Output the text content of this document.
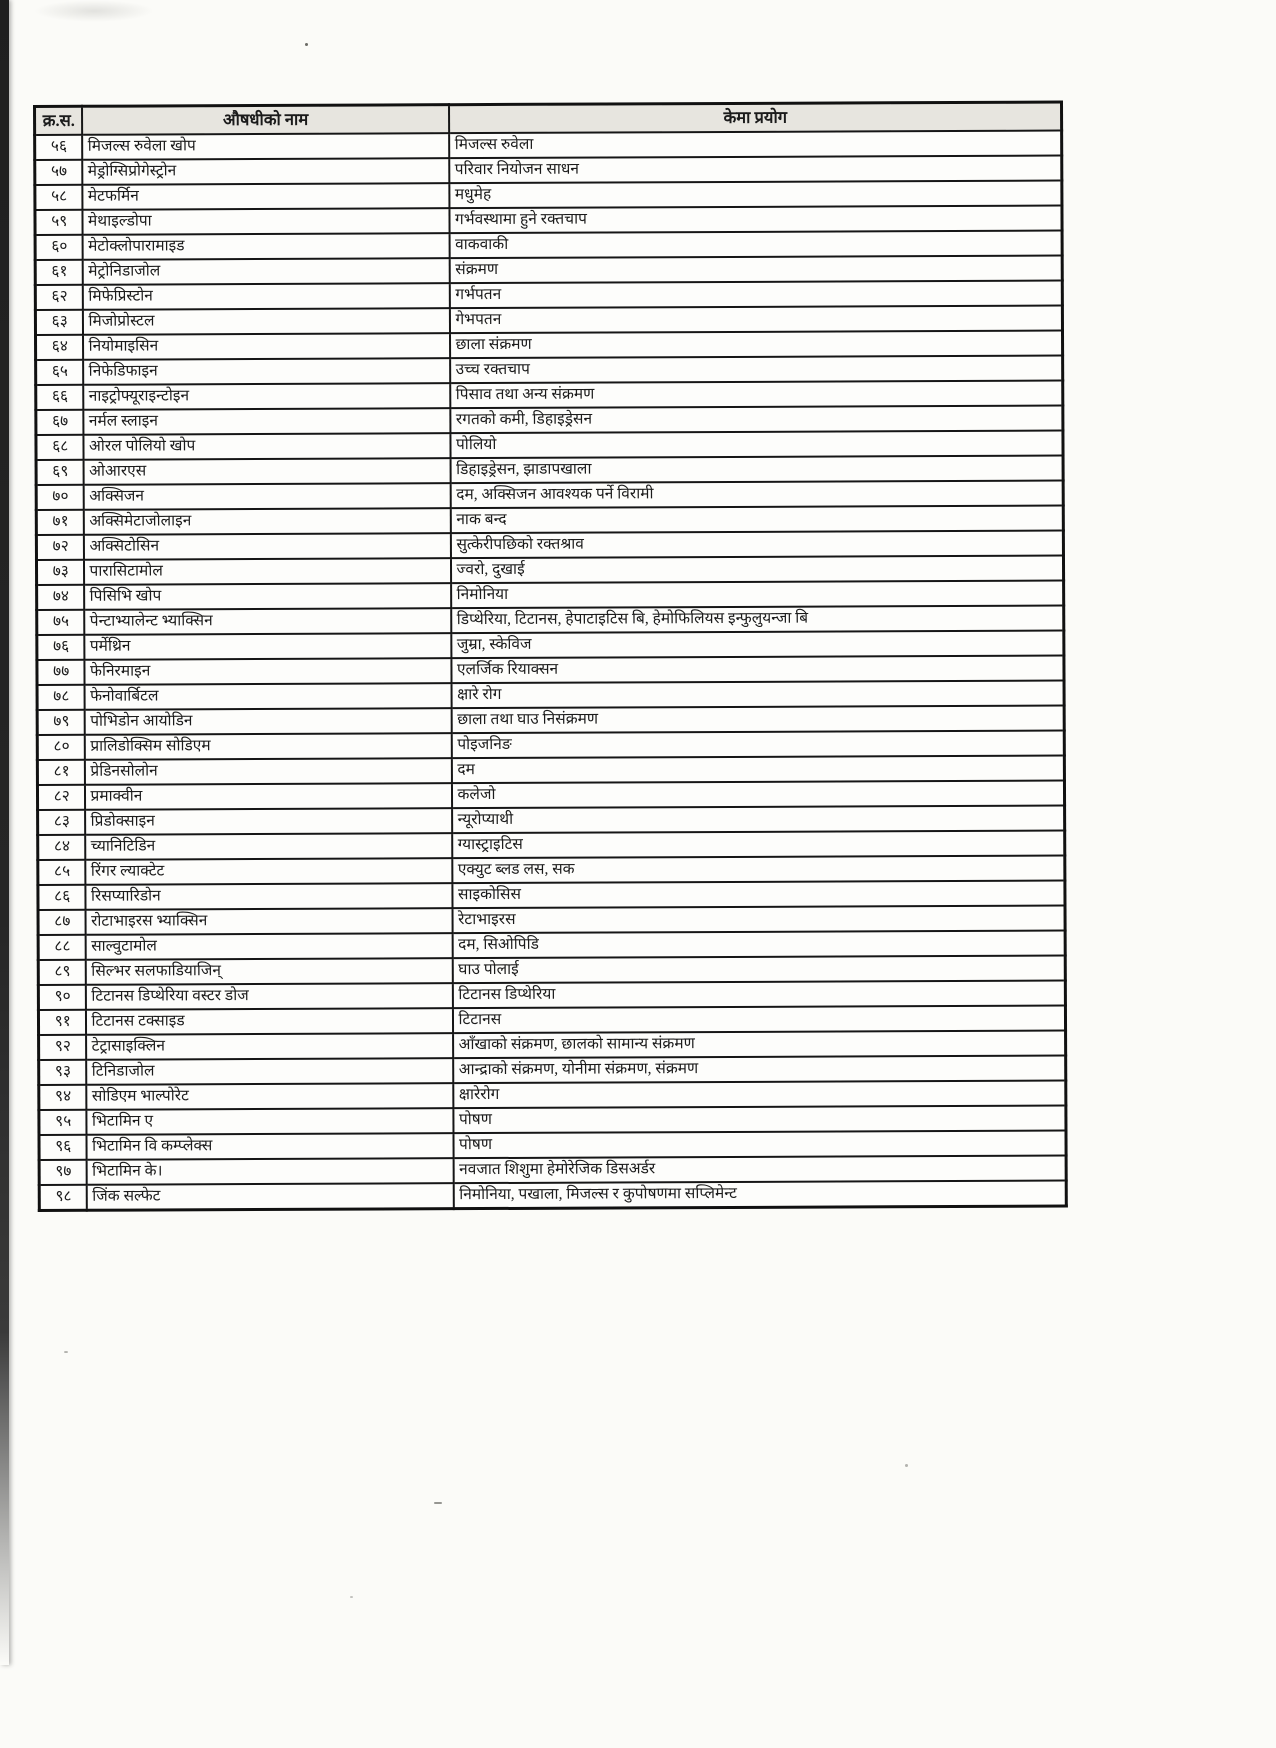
क्र.स.	औषधीको नाम	केमा प्रयोग
५६	मिजल्स रुवेला खोप	मिजल्स रुवेला
५७	मेड्रोग्सिप्रोगेस्ट्रोन	परिवार नियोजन साधन
५८	मेटफर्मिन	मधुमेह
५९	मेथाइल्डोपा	गर्भवस्थामा हुने रक्तचाप
६०	मेटोक्लोपारामाइड	वाकवाकी
६१	मेट्रोनिडाजोल	संक्रमण
६२	मिफेप्रिस्टोन	गर्भपतन
६३	मिजोप्रोस्टल	गेभपतन
६४	नियोमाइसिन	छाला संक्रमण
६५	निफेडिफाइन	उच्च रक्तचाप
६६	नाइट्रोफ्यूराइन्टोइन	पिसाव तथा अन्य संक्रमण
६७	नर्मल स्लाइन	रगतको कमी, डिहाइड्रेसन
६८	ओरल पोलियो खोप	पोलियो
६९	ओआरएस	डिहाइड्रेसन, झाडापखाला
७०	अक्सिजन	दम, अक्सिजन आवश्यक पर्ने विरामी
७१	अक्सिमेटाजोलाइन	नाक बन्द
७२	अक्सिटोसिन	सुत्केरीपछिको रक्तश्राव
७३	पारासिटामोल	ज्वरो, दुखाई
७४	पिसिभि खोप	निमोनिया
७५	पेन्टाभ्यालेन्ट भ्याक्सिन	डिप्थेरिया, टिटानस, हेपाटाइटिस बि, हेमोफिलियस इन्फुलुयन्जा बि
७६	पर्मेथ्रिन	जुम्रा, स्केविज
७७	फेनिरमाइन	एलर्जिक रियाक्सन
७८	फेनोवार्बिटल	क्षारे रोग
७९	पोभिडोन आयोडिन	छाला तथा घाउ निसंक्रमण
८०	प्रालिडोक्सिम सोडिएम	पोइजनिङ
८१	प्रेडिनसोलोन	दम
८२	प्रमाक्वीन	कलेजो
८३	प्रिडोक्साइन	न्यूरोप्याथी
८४	च्यानिटिडिन	ग्यास्ट्राइटिस
८५	रिंगर ल्याक्टेट	एक्युट ब्लड लस, सक
८६	रिसप्यारिडोन	साइकोसिस
८७	रोटाभाइरस भ्याक्सिन	रेटाभाइरस
८८	साल्वुटामोल	दम, सिओपिडि
८९	सिल्भर सलफाडियाजिन्	घाउ पोलाई
९०	टिटानस डिप्थेरिया वस्टर डोज	टिटानस डिप्थेरिया
९१	टिटानस टक्साइड	टिटानस
९२	टेट्रासाइक्लिन	आँखाको संक्रमण, छालको सामान्य संक्रमण
९३	टिनिडाजोल	आन्द्राको संक्रमण, योनीमा संक्रमण, संक्रमण
९४	सोडिएम भाल्पोरेट	क्षारेरोग
९५	भिटामिन ए	पोषण
९६	भिटामिन वि कम्प्लेक्स	पोषण
९७	भिटामिन के।	नवजात शिशुमा हेमोरेजिक डिसअर्डर
९८	जिंक सल्फेट	निमोनिया, पखाला, मिजल्स र कुपोषणमा सप्लिमेन्ट
